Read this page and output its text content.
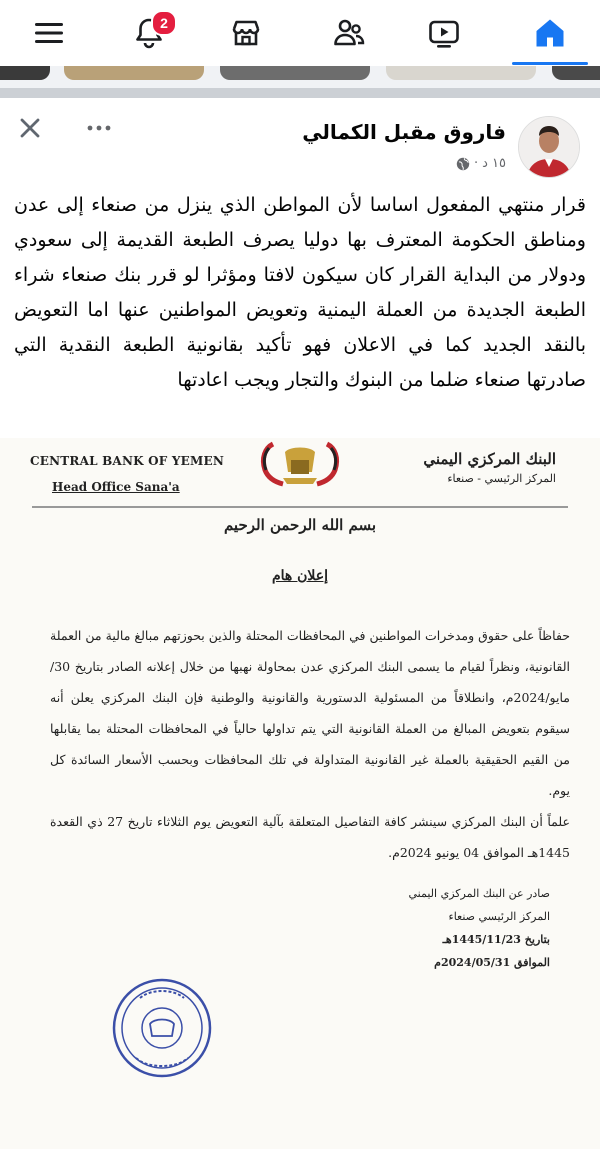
2
فاروق مقبل الكمالي
١٥ د
·
قرار منتهي المفعول اساسا لأن المواطن الذي ينزل من صنعاء إلى عدن ومناطق الحكومة المعترف بها دوليا يصرف الطبعة القديمة إلى سعودي ودولار من البداية القرار كان سيكون لافتا ومؤثرا لو قرر بنك صنعاء شراء الطبعة الجديدة من العملة اليمنية وتعويض المواطنين عنها اما التعويض بالنقد الجديد كما في الاعلان فهو تأكيد بقانونية الطبعة النقدية التي صادرتها صنعاء ضلما من البنوك والتجار ويجب اعادتها
CENTRAL BANK OF YEMEN
Head Office Sana'a
البنك المركزي اليمني
المركز الرئيسي - صنعاء
بسم الله الرحمن الرحيم
إعلان هام
حفاظاً على حقوق ومدخرات المواطنين في المحافظات المحتلة والذين بحوزتهم مبالغ مالية من العملة القانونية، ونظراً لقيام ما يسمى البنك المركزي عدن بمحاولة نهبها من خلال إعلانه الصادر بتاريخ 30/مايو/2024م، وانطلاقاً من المسئولية الدستورية والقانونية والوطنية فإن البنك المركزي يعلن أنه سيقوم بتعويض المبالغ من العملة القانونية التي يتم تداولها حالياً في المحافظات المحتلة بما يقابلها من القيم الحقيقية بالعملة غير القانونية المتداولة في تلك المحافظات وبحسب الأسعار السائدة كل يوم.
علماً أن البنك المركزي سينشر كافة التفاصيل المتعلقة بآلية التعويض يوم الثلاثاء تاريخ 27 ذي القعدة 1445هـ الموافق 04 يونيو 2024م.
صادر عن البنك المركزي اليمني
المركز الرئيسي صنعاء
بتاريخ 1445/11/23هـ
الموافق 2024/05/31م
